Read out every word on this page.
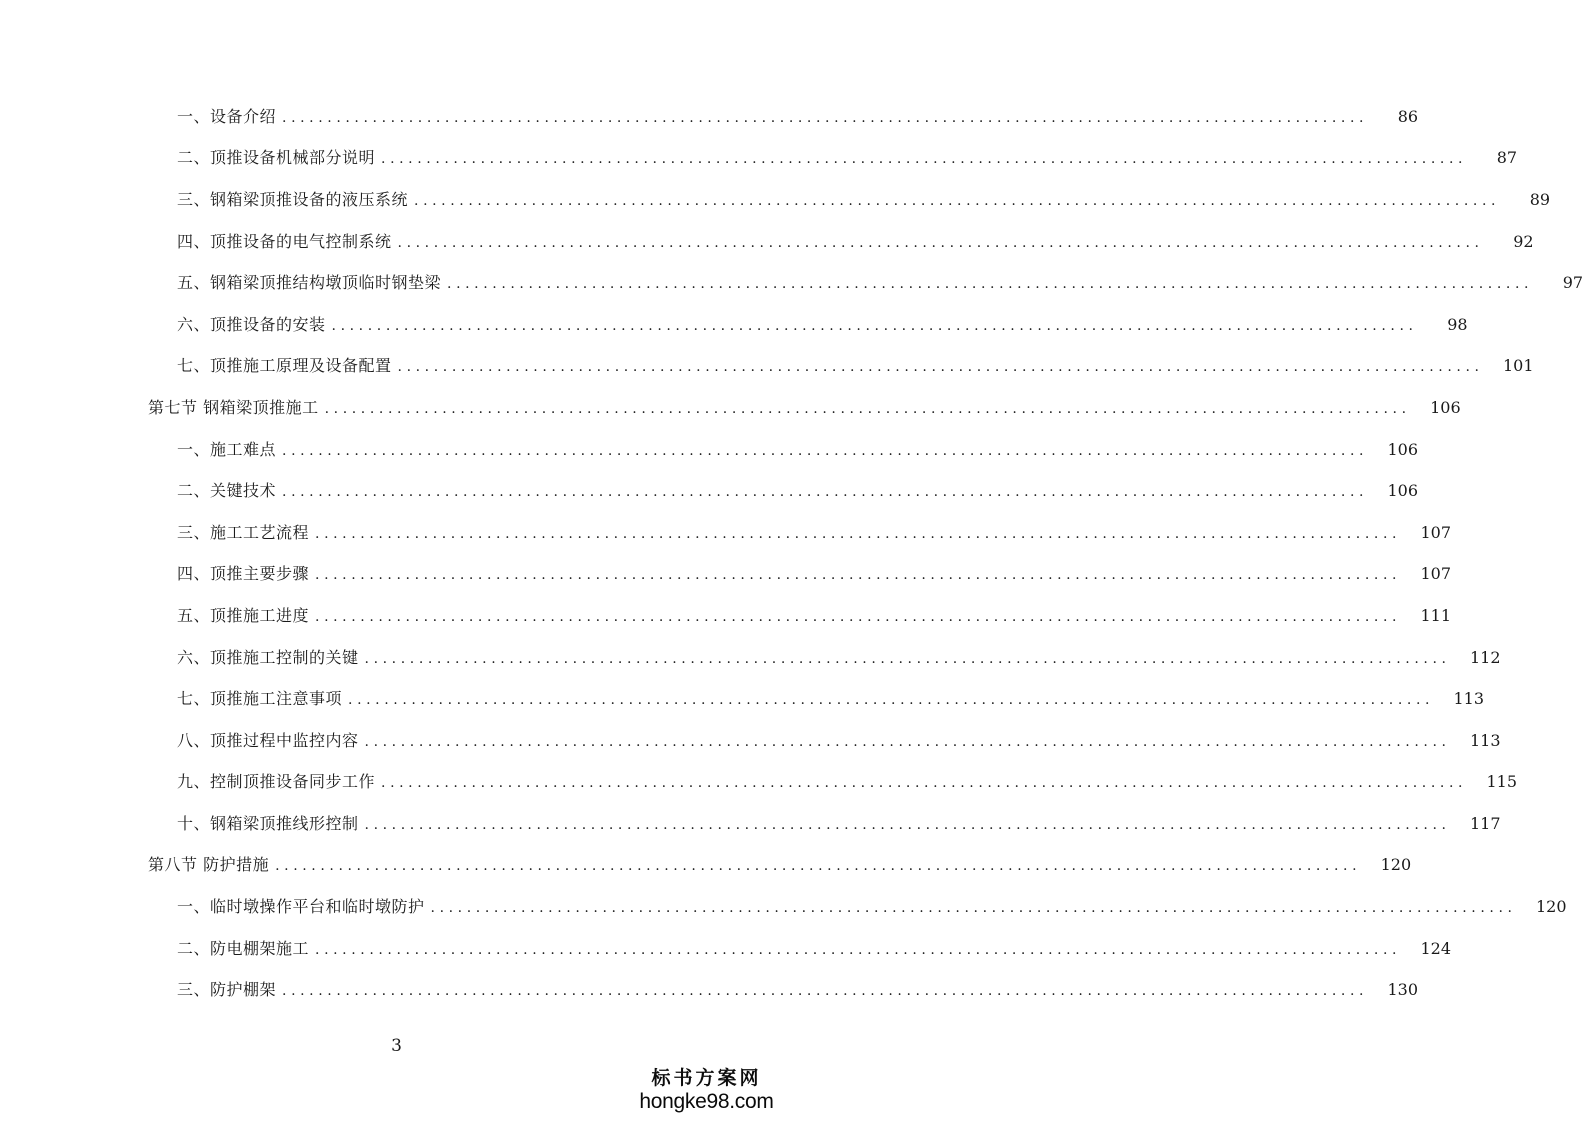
一、设备介绍 ........................................................................................................................	86
二、顶推设备机械部分说明 ........................................................................................................................	87
三、钢箱梁顶推设备的液压系统 ........................................................................................................................	89
四、顶推设备的电气控制系统 ........................................................................................................................	92
五、钢箱梁顶推结构墩顶临时钢垫梁 ........................................................................................................................	97
六、顶推设备的安装 ........................................................................................................................	98
七、顶推施工原理及设备配置 ........................................................................................................................	101
第七节 钢箱梁顶推施工 ........................................................................................................................	106
一、施工难点 ........................................................................................................................	106
二、关键技术 ........................................................................................................................	106
三、施工工艺流程 ........................................................................................................................	107
四、顶推主要步骤 ........................................................................................................................	107
五、顶推施工进度 ........................................................................................................................	111
六、顶推施工控制的关键 ........................................................................................................................	112
七、顶推施工注意事项 ........................................................................................................................	113
八、顶推过程中监控内容 ........................................................................................................................	113
九、控制顶推设备同步工作 ........................................................................................................................	115
十、钢箱梁顶推线形控制 ........................................................................................................................	117
第八节 防护措施 ........................................................................................................................	120
一、临时墩操作平台和临时墩防护 ........................................................................................................................	120
二、防电棚架施工 ........................................................................................................................	124
三、防护棚架 ........................................................................................................................	130
3
标书方案网
hongke98.com
